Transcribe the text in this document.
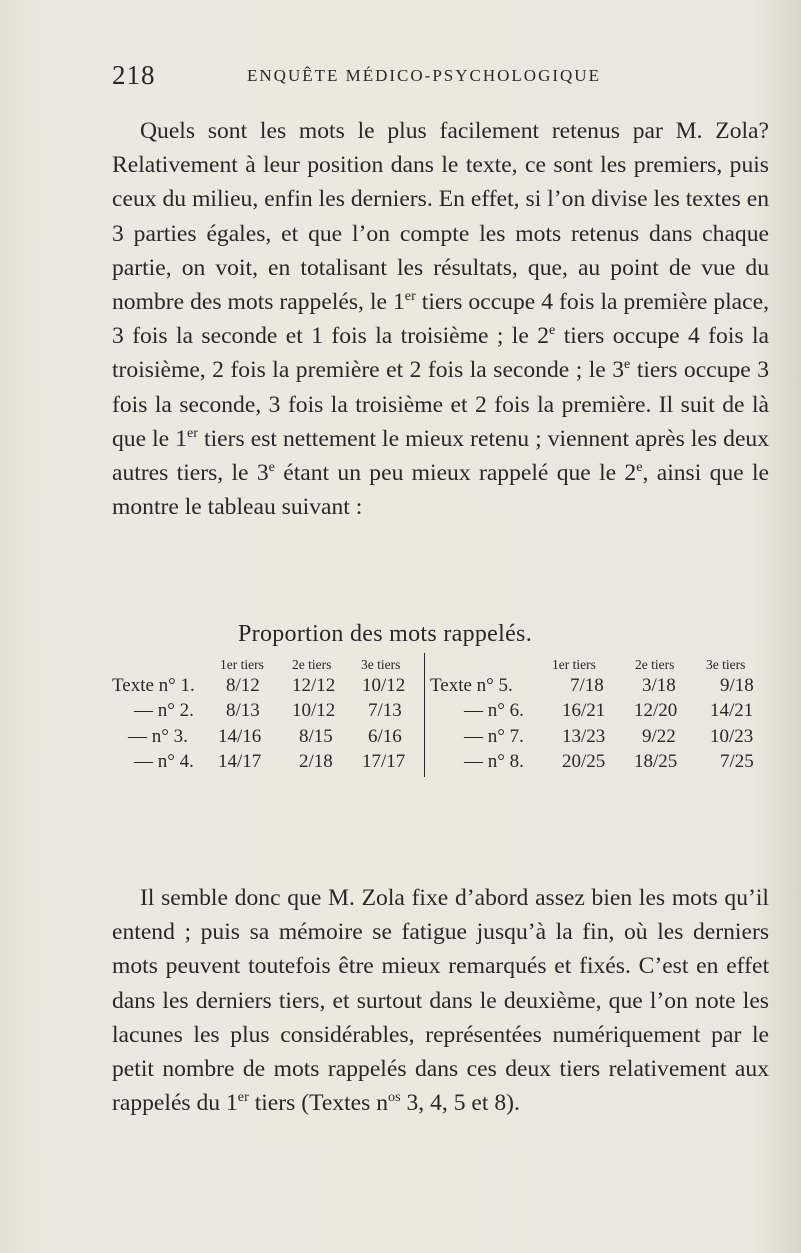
218	ENQUÊTE MÉDICO-PSYCHOLOGIQUE

Quels sont les mots le plus facilement retenus par M. Zola? Relativement à leur position dans le texte, ce sont les premiers, puis ceux du milieu, enfin les derniers. En effet, si l’on divise les textes en 3 parties égales, et que l’on compte les mots retenus dans chaque partie, on voit, en totalisant les résultats, que, au point de vue du nombre des mots rappelés, le 1er tiers occupe 4 fois la première place, 3 fois la seconde et 1 fois la troisième ; le 2e tiers occupe 4 fois la troisième, 2 fois la première et 2 fois la seconde ; le 3e tiers occupe 3 fois la seconde, 3 fois la troisième et 2 fois la première. Il suit de là que le 1er tiers est nettement le mieux retenu ; viennent après les deux autres tiers, le 3e étant un peu mieux rappelé que le 2e, ainsi que le montre le tableau suivant :

Proportion des mots rappelés.
1er tiers 2e tiers 3e tiers
Texte n° 1. 8/12 12/12 10/12
— n° 2. 8/13 10/12 7/13
— n° 3. 14/16 8/15 6/16
— n° 4. 14/17 2/18 17/17
1er tiers	2e tiers 3e tiers
Texte n° 5.	7/18 3/18 9/18
— n° 6. 16/21 12/20 14/21
— n° 7. 13/23 9/22 10/23
— n° 8. 20/25 18/25 7/25

Il semble donc que M. Zola fixe d’abord assez bien les mots qu’il entend ; puis sa mémoire se fatigue jusqu’à la fin, où les derniers mots peuvent toutefois être mieux remarqués et fixés. C’est en effet dans les derniers tiers, et surtout dans le deuxième, que l’on note les lacunes les plus considérables, représentées numériquement par le petit nombre de mots rappelés dans ces deux tiers relativement aux rappelés du 1er tiers (Textes $n^{os}$ 3, 4, 5 et 8).
